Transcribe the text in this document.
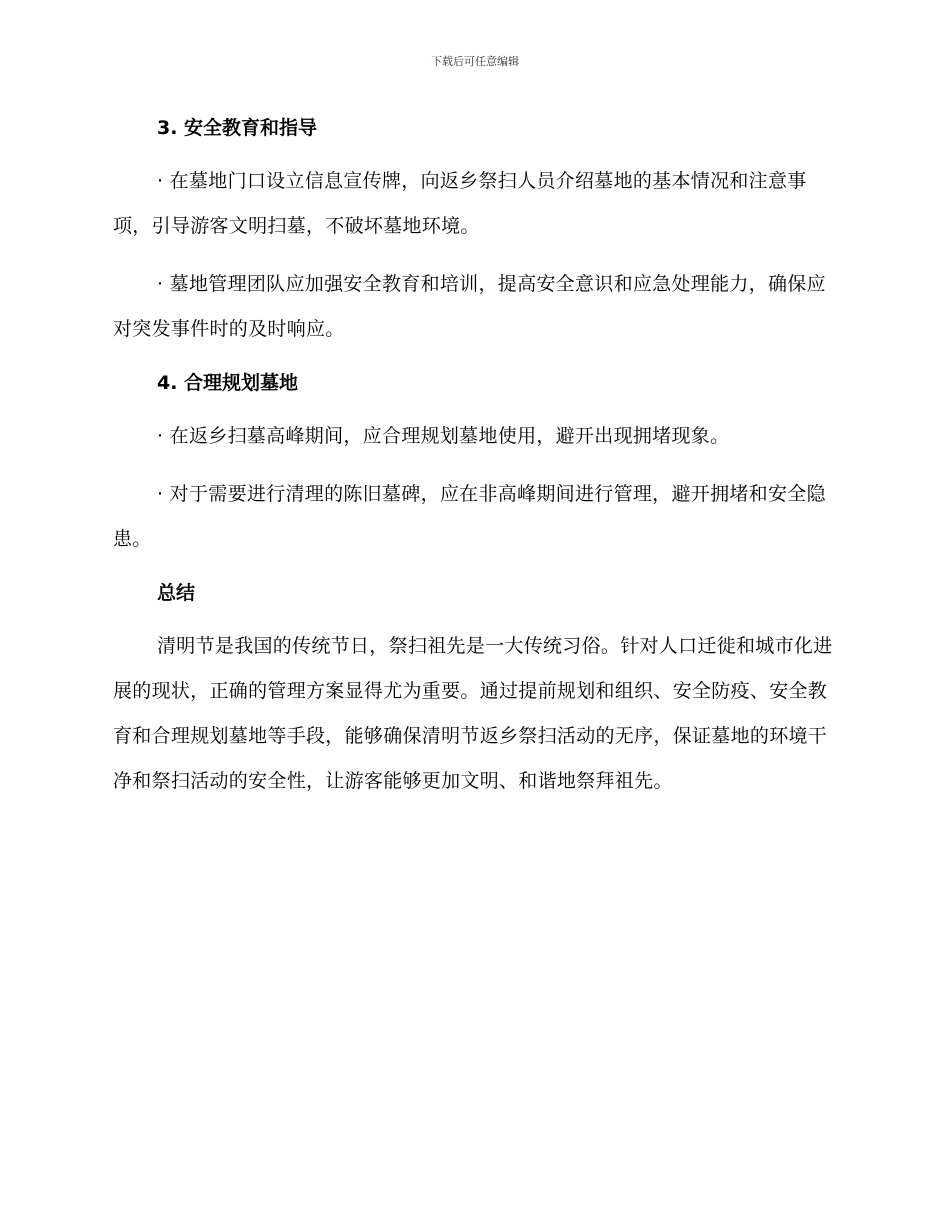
下载后可任意编辑
3. 安全教育和指导

· 在墓地门口设立信息宣传牌，向返乡祭扫人员介绍墓地的基本情况和注意事项，引导游客文明扫墓，不破坏墓地环境。

· 墓地管理团队应加强安全教育和培训，提高安全意识和应急处理能力，确保应对突发事件时的及时响应。

4. 合理规划墓地

· 在返乡扫墓高峰期间，应合理规划墓地使用，避开出现拥堵现象。

· 对于需要进行清理的陈旧墓碑，应在非高峰期间进行管理，避开拥堵和安全隐患。

总结

清明节是我国的传统节日，祭扫祖先是一大传统习俗。针对人口迁徙和城市化进展的现状，正确的管理方案显得尤为重要。通过提前规划和组织、安全防疫、安全教育和合理规划墓地等手段，能够确保清明节返乡祭扫活动的无序，保证墓地的环境干净和祭扫活动的安全性，让游客能够更加文明、和谐地祭拜祖先。
